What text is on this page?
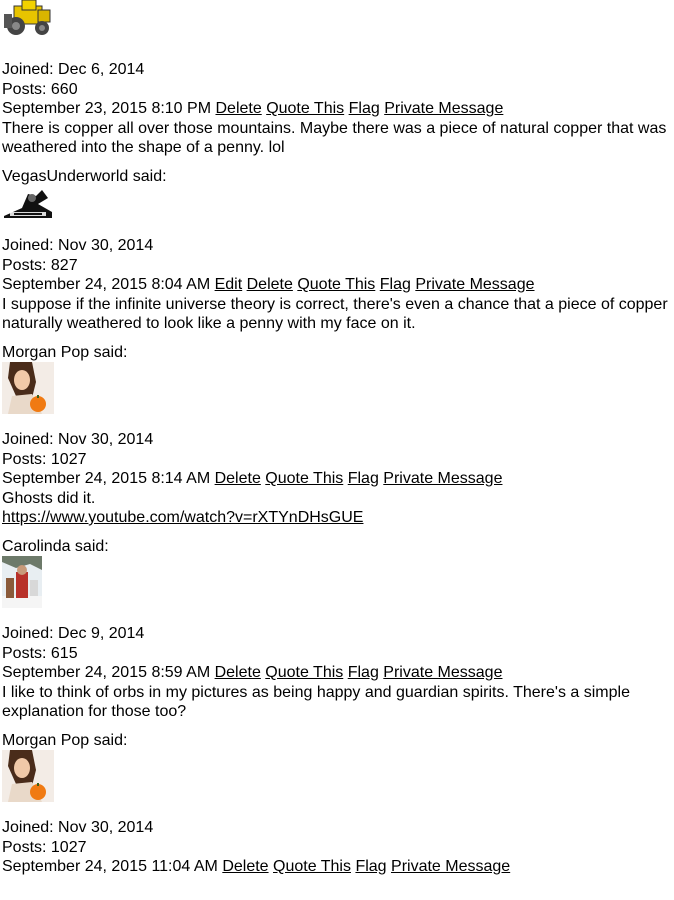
Joined: Dec 6, 2014
Posts: 660
September 23, 2015 8:10 PM Delete Quote This Flag Private Message
There is copper all over those mountains. Maybe there was a piece of natural copper that was weathered into the shape of a penny. lol
VegasUnderworld said:
Joined: Nov 30, 2014
Posts: 827
September 24, 2015 8:04 AM Edit Delete Quote This Flag Private Message
I suppose if the infinite universe theory is correct, there's even a chance that a piece of copper naturally weathered to look like a penny with my face on it.
Morgan Pop said:
Joined: Nov 30, 2014
Posts: 1027
September 24, 2015 8:14 AM Delete Quote This Flag Private Message
Ghosts did it.
https://www.youtube.com/watch?v=rXTYnDHsGUE
Carolinda said:
Joined: Dec 9, 2014
Posts: 615
September 24, 2015 8:59 AM Delete Quote This Flag Private Message
I like to think of orbs in my pictures as being happy and guardian spirits. There's a simple explanation for those too?
Morgan Pop said:
Joined: Nov 30, 2014
Posts: 1027
September 24, 2015 11:04 AM Delete Quote This Flag Private Message
